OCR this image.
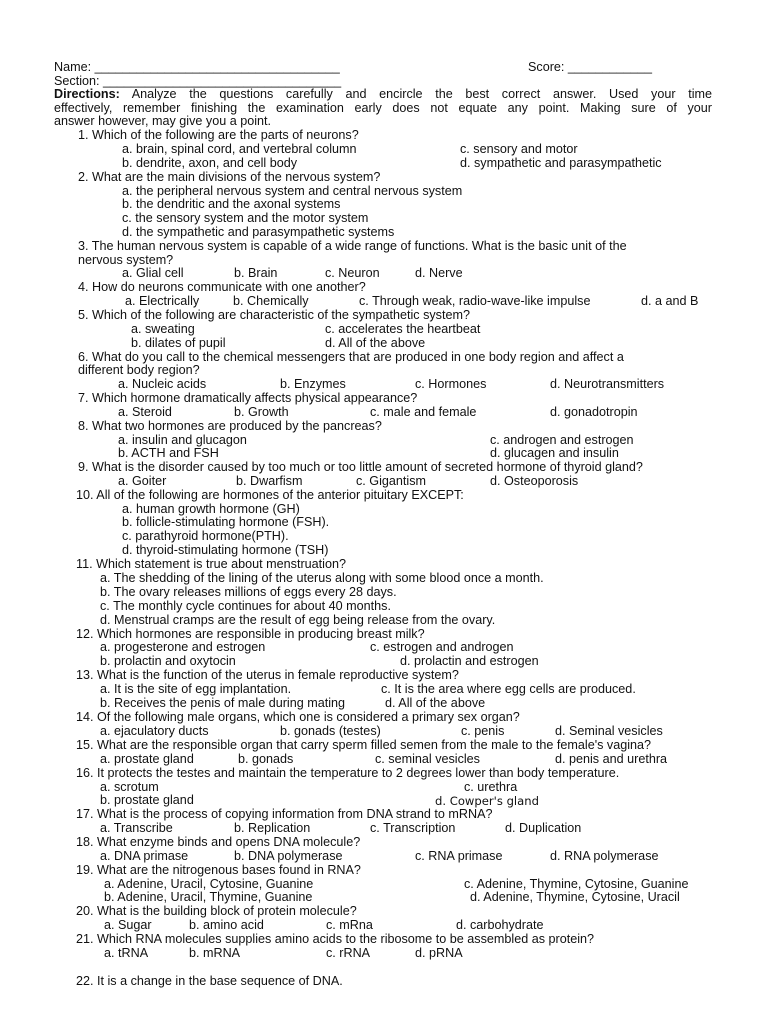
Name: ___________________________________	Score: ____________
Section: __________________________________
Directions: Analyze the questions carefully and encircle the best correct answer. Used your time
effectively, remember finishing the examination early does not equate any point. Making sure of your
answer however, may give you a point.
1. Which of the following are the parts of neurons?
a. brain, spinal cord, and vertebral column	c. sensory and motor
b. dendrite, axon, and cell body	d. sympathetic and parasympathetic
2. What are the main divisions of the nervous system?
a. the peripheral nervous system and central nervous system
b. the dendritic and the axonal systems
c. the sensory system and the motor system
d. the sympathetic and parasympathetic systems
3. The human nervous system is capable of a wide range of functions. What is the basic unit of the
nervous system?
a. Glial cell	b. Brain	c. Neuron	d. Nerve
4. How do neurons communicate with one another?
a. Electrically	b. Chemically	c. Through weak, radio-wave-like impulse	d. a and B
5. Which of the following are characteristic of the sympathetic system?
a. sweating	c. accelerates the heartbeat
b. dilates of pupil	d. All of the above
6. What do you call to the chemical messengers that are produced in one body region and affect a
different body region?
a. Nucleic acids	b. Enzymes	c. Hormones	d. Neurotransmitters
7. Which hormone dramatically affects physical appearance?
a. Steroid	b. Growth	c. male and female	d. gonadotropin
8. What two hormones are produced by the pancreas?
a. insulin and glucagon	c. androgen and estrogen
b. ACTH and FSH	d. glucagen and insulin
9. What is the disorder caused by too much or too little amount of secreted hormone of thyroid gland?
a. Goiter	b. Dwarfism	c. Gigantism	d. Osteoporosis
10. All of the following are hormones of the anterior pituitary EXCEPT:
a. human growth hormone (GH)
b. follicle-stimulating hormone (FSH).
c. parathyroid hormone(PTH).
d. thyroid-stimulating hormone (TSH)
11. Which statement is true about menstruation?
a. The shedding of the lining of the uterus along with some blood once a month.
b. The ovary releases millions of eggs every 28 days.
c. The monthly cycle continues for about 40 months.
d. Menstrual cramps are the result of egg being release from the ovary.
12. Which hormones are responsible in producing breast milk?
a. progesterone and estrogen	c. estrogen and androgen
b. prolactin and oxytocin	d. prolactin and estrogen
13. What is the function of the uterus in female reproductive system?
a. It is the site of egg implantation.	c. It is the area where egg cells are produced.
b. Receives the penis of male during mating	d. All of the above
14. Of the following male organs, which one is considered a primary sex organ?
a. ejaculatory ducts	b. gonads (testes)	c. penis	d. Seminal vesicles
15. What are the responsible organ that carry sperm filled semen from the male to the female's vagina?
a. prostate gland	b. gonads	c. seminal vesicles	d. penis and urethra
16. It protects the testes and maintain the temperature to 2 degrees lower than body temperature.
a. scrotum	c. urethra
b. prostate gland	d. Cowper's gland
17. What is the process of copying information from DNA strand to mRNA?
a. Transcribe	b. Replication	c. Transcription	d. Duplication
18. What enzyme binds and opens DNA molecule?
a. DNA primase	b. DNA polymerase	c. RNA primase	d. RNA polymerase
19. What are the nitrogenous bases found in RNA?
a. Adenine, Uracil, Cytosine, Guanine	c. Adenine, Thymine, Cytosine, Guanine
b. Adenine, Uracil, Thymine, Guanine	d. Adenine, Thymine, Cytosine, Uracil
20. What is the building block of protein molecule?
a. Sugar	b. amino acid	c. mRna	d. carbohydrate
21. Which RNA molecules supplies amino acids to the ribosome to be assembled as protein?
a. tRNA	b. mRNA	c. rRNA	d. pRNA
22. It is a change in the base sequence of DNA.
